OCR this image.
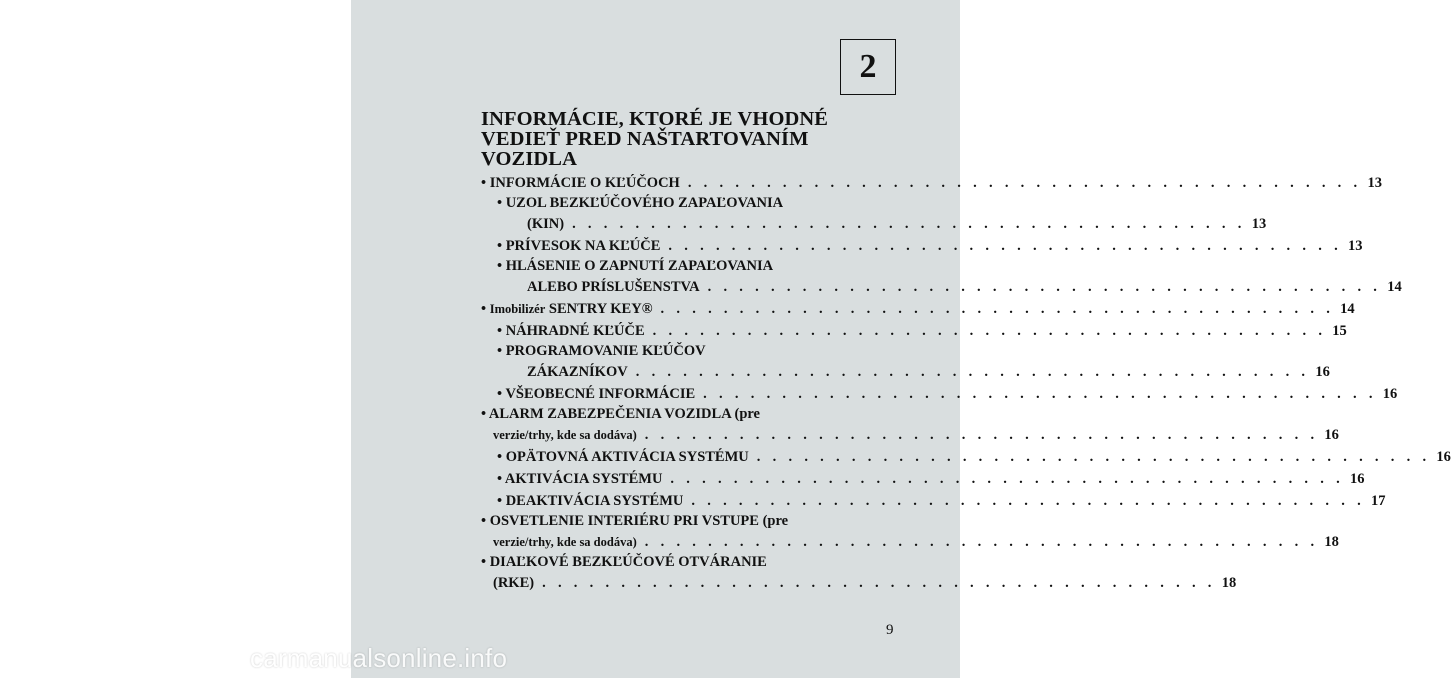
2
INFORMÁCIE, KTORÉ JE VHODNÉ
VEDIEŤ PRED NAŠTARTOVANÍM
VOZIDLA
• INFORMÁCIE O KĽÚČOCH . . . . . . . . . . . . . . . . . . . . . . . . . . . . . . . . . . . . . . . . . . . 13
• UZOL BEZKĽÚČOVÉHO ZAPAĽOVANIA
(KIN) . . . . . . . . . . . . . . . . . . . . . . . . . . . . . . . . . . . . . . . . . . . 13
• PRÍVESOK NA KĽÚČE . . . . . . . . . . . . . . . . . . . . . . . . . . . . . . . . . . . . . . . . . . . 13
• HLÁSENIE O ZAPNUTÍ ZAPAĽOVANIA
ALEBO PRÍSLUŠENSTVA . . . . . . . . . . . . . . . . . . . . . . . . . . . . . . . . . . . . . . . . . . . 14
• Imobilizér SENTRY KEY® . . . . . . . . . . . . . . . . . . . . . . . . . . . . . . . . . . . . . . . . . . . 14
• NÁHRADNÉ KĽÚČE . . . . . . . . . . . . . . . . . . . . . . . . . . . . . . . . . . . . . . . . . . . 15
• PROGRAMOVANIE KĽÚČOV
ZÁKAZNÍKOV . . . . . . . . . . . . . . . . . . . . . . . . . . . . . . . . . . . . . . . . . . . 16
• VŠEOBECNÉ INFORMÁCIE . . . . . . . . . . . . . . . . . . . . . . . . . . . . . . . . . . . . . . . . . . . 16
• ALARM ZABEZPEČENIA VOZIDLA (pre
verzie/trhy, kde sa dodáva) . . . . . . . . . . . . . . . . . . . . . . . . . . . . . . . . . . . . . . . . . . . 16
• OPÄTOVNÁ AKTIVÁCIA SYSTÉMU . . . . . . . . . . . . . . . . . . . . . . . . . . . . . . . . . . . . . . . . . . . 16
• AKTIVÁCIA SYSTÉMU . . . . . . . . . . . . . . . . . . . . . . . . . . . . . . . . . . . . . . . . . . . 16
• DEAKTIVÁCIA SYSTÉMU . . . . . . . . . . . . . . . . . . . . . . . . . . . . . . . . . . . . . . . . . . . 17
• OSVETLENIE INTERIÉRU PRI VSTUPE (pre
verzie/trhy, kde sa dodáva) . . . . . . . . . . . . . . . . . . . . . . . . . . . . . . . . . . . . . . . . . . . 18
• DIAĽKOVÉ BEZKĽÚČOVÉ OTVÁRANIE
(RKE) . . . . . . . . . . . . . . . . . . . . . . . . . . . . . . . . . . . . . . . . . . . 18
9
carmanualsonline.info
